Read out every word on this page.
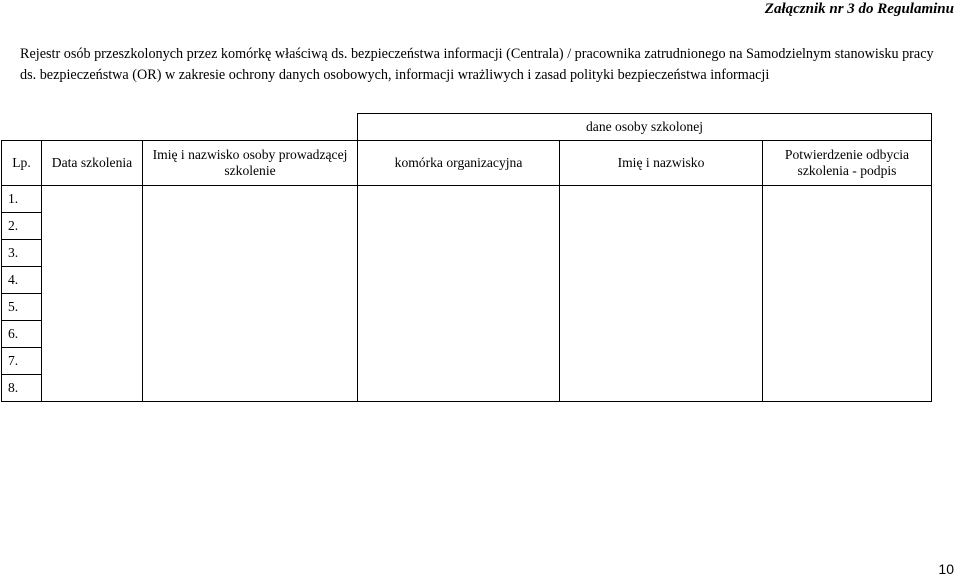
Załącznik nr 3 do Regulaminu
Rejestr osób przeszkolonych przez komórkę właściwą ds. bezpieczeństwa informacji (Centrala) / pracownika zatrudnionego na Samodzielnym stanowisku pracy ds. bezpieczeństwa (OR) w zakresie ochrony danych osobowych, informacji wrażliwych i zasad polityki bezpieczeństwa informacji
			dane osoby szkolonej		
Lp.	Data szkolenia	Imię i nazwisko osoby prowadzącej szkolenie	komórka organizacyjna	Imię i nazwisko	Potwierdzenie odbycia szkolenia - podpis
1.					
2.					
3.					
4.					
5.					
6.					
7.					
8.					
10
